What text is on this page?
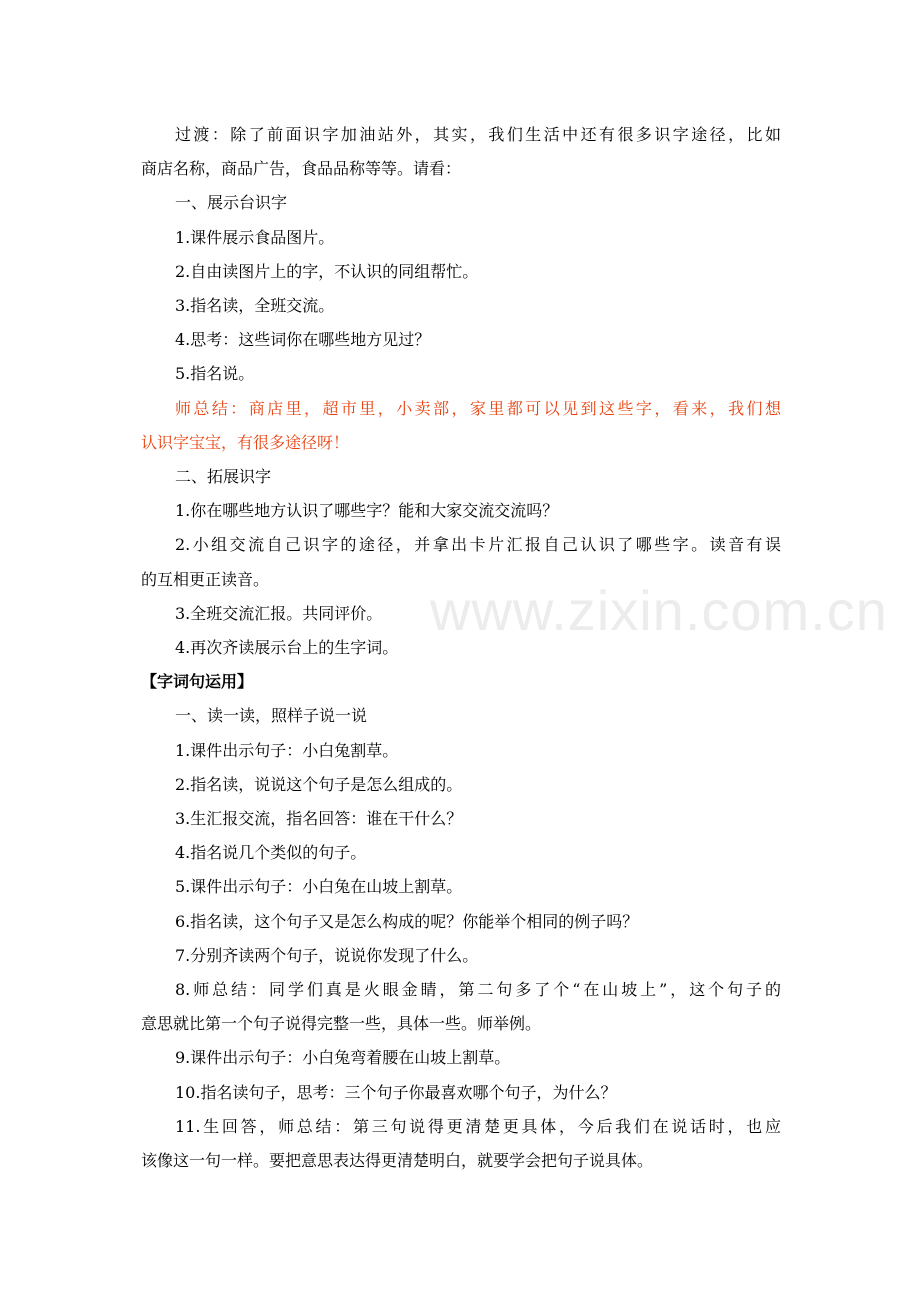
www.zixin.com.cn

过渡：除了前面识字加油站外，其实，我们生活中还有很多识字途径，比如

商店名称，商品广告，食品品称等等。请看：

一、展示台识字

1.课件展示食品图片。

2.自由读图片上的字，不认识的同组帮忙。

3.指名读，全班交流。

4.思考：这些词你在哪些地方见过？

5.指名说。

师总结：商店里，超市里，小卖部，家里都可以见到这些字，看来，我们想

认识字宝宝，有很多途径呀！

二、拓展识字

1.你在哪些地方认识了哪些字？能和大家交流交流吗？

2.小组交流自己识字的途径，并拿出卡片汇报自己认识了哪些字。读音有误

的互相更正读音。

3.全班交流汇报。共同评价。

4.再次齐读展示台上的生字词。

【字词句运用】

一、读一读，照样子说一说

1.课件出示句子：小白兔割草。

2.指名读，说说这个句子是怎么组成的。

3.生汇报交流，指名回答：谁在干什么？

4.指名说几个类似的句子。

5.课件出示句子：小白兔在山坡上割草。

6.指名读，这个句子又是怎么构成的呢？你能举个相同的例子吗？

7.分别齐读两个句子，说说你发现了什么。

8.师总结：同学们真是火眼金睛，第二句多了个“在山坡上”，这个句子的

意思就比第一个句子说得完整一些，具体一些。师举例。

9.课件出示句子：小白兔弯着腰在山坡上割草。

10.指名读句子，思考：三个句子你最喜欢哪个句子，为什么？

11.生回答，师总结：第三句说得更清楚更具体，今后我们在说话时，也应

该像这一句一样。要把意思表达得更清楚明白，就要学会把句子说具体。
